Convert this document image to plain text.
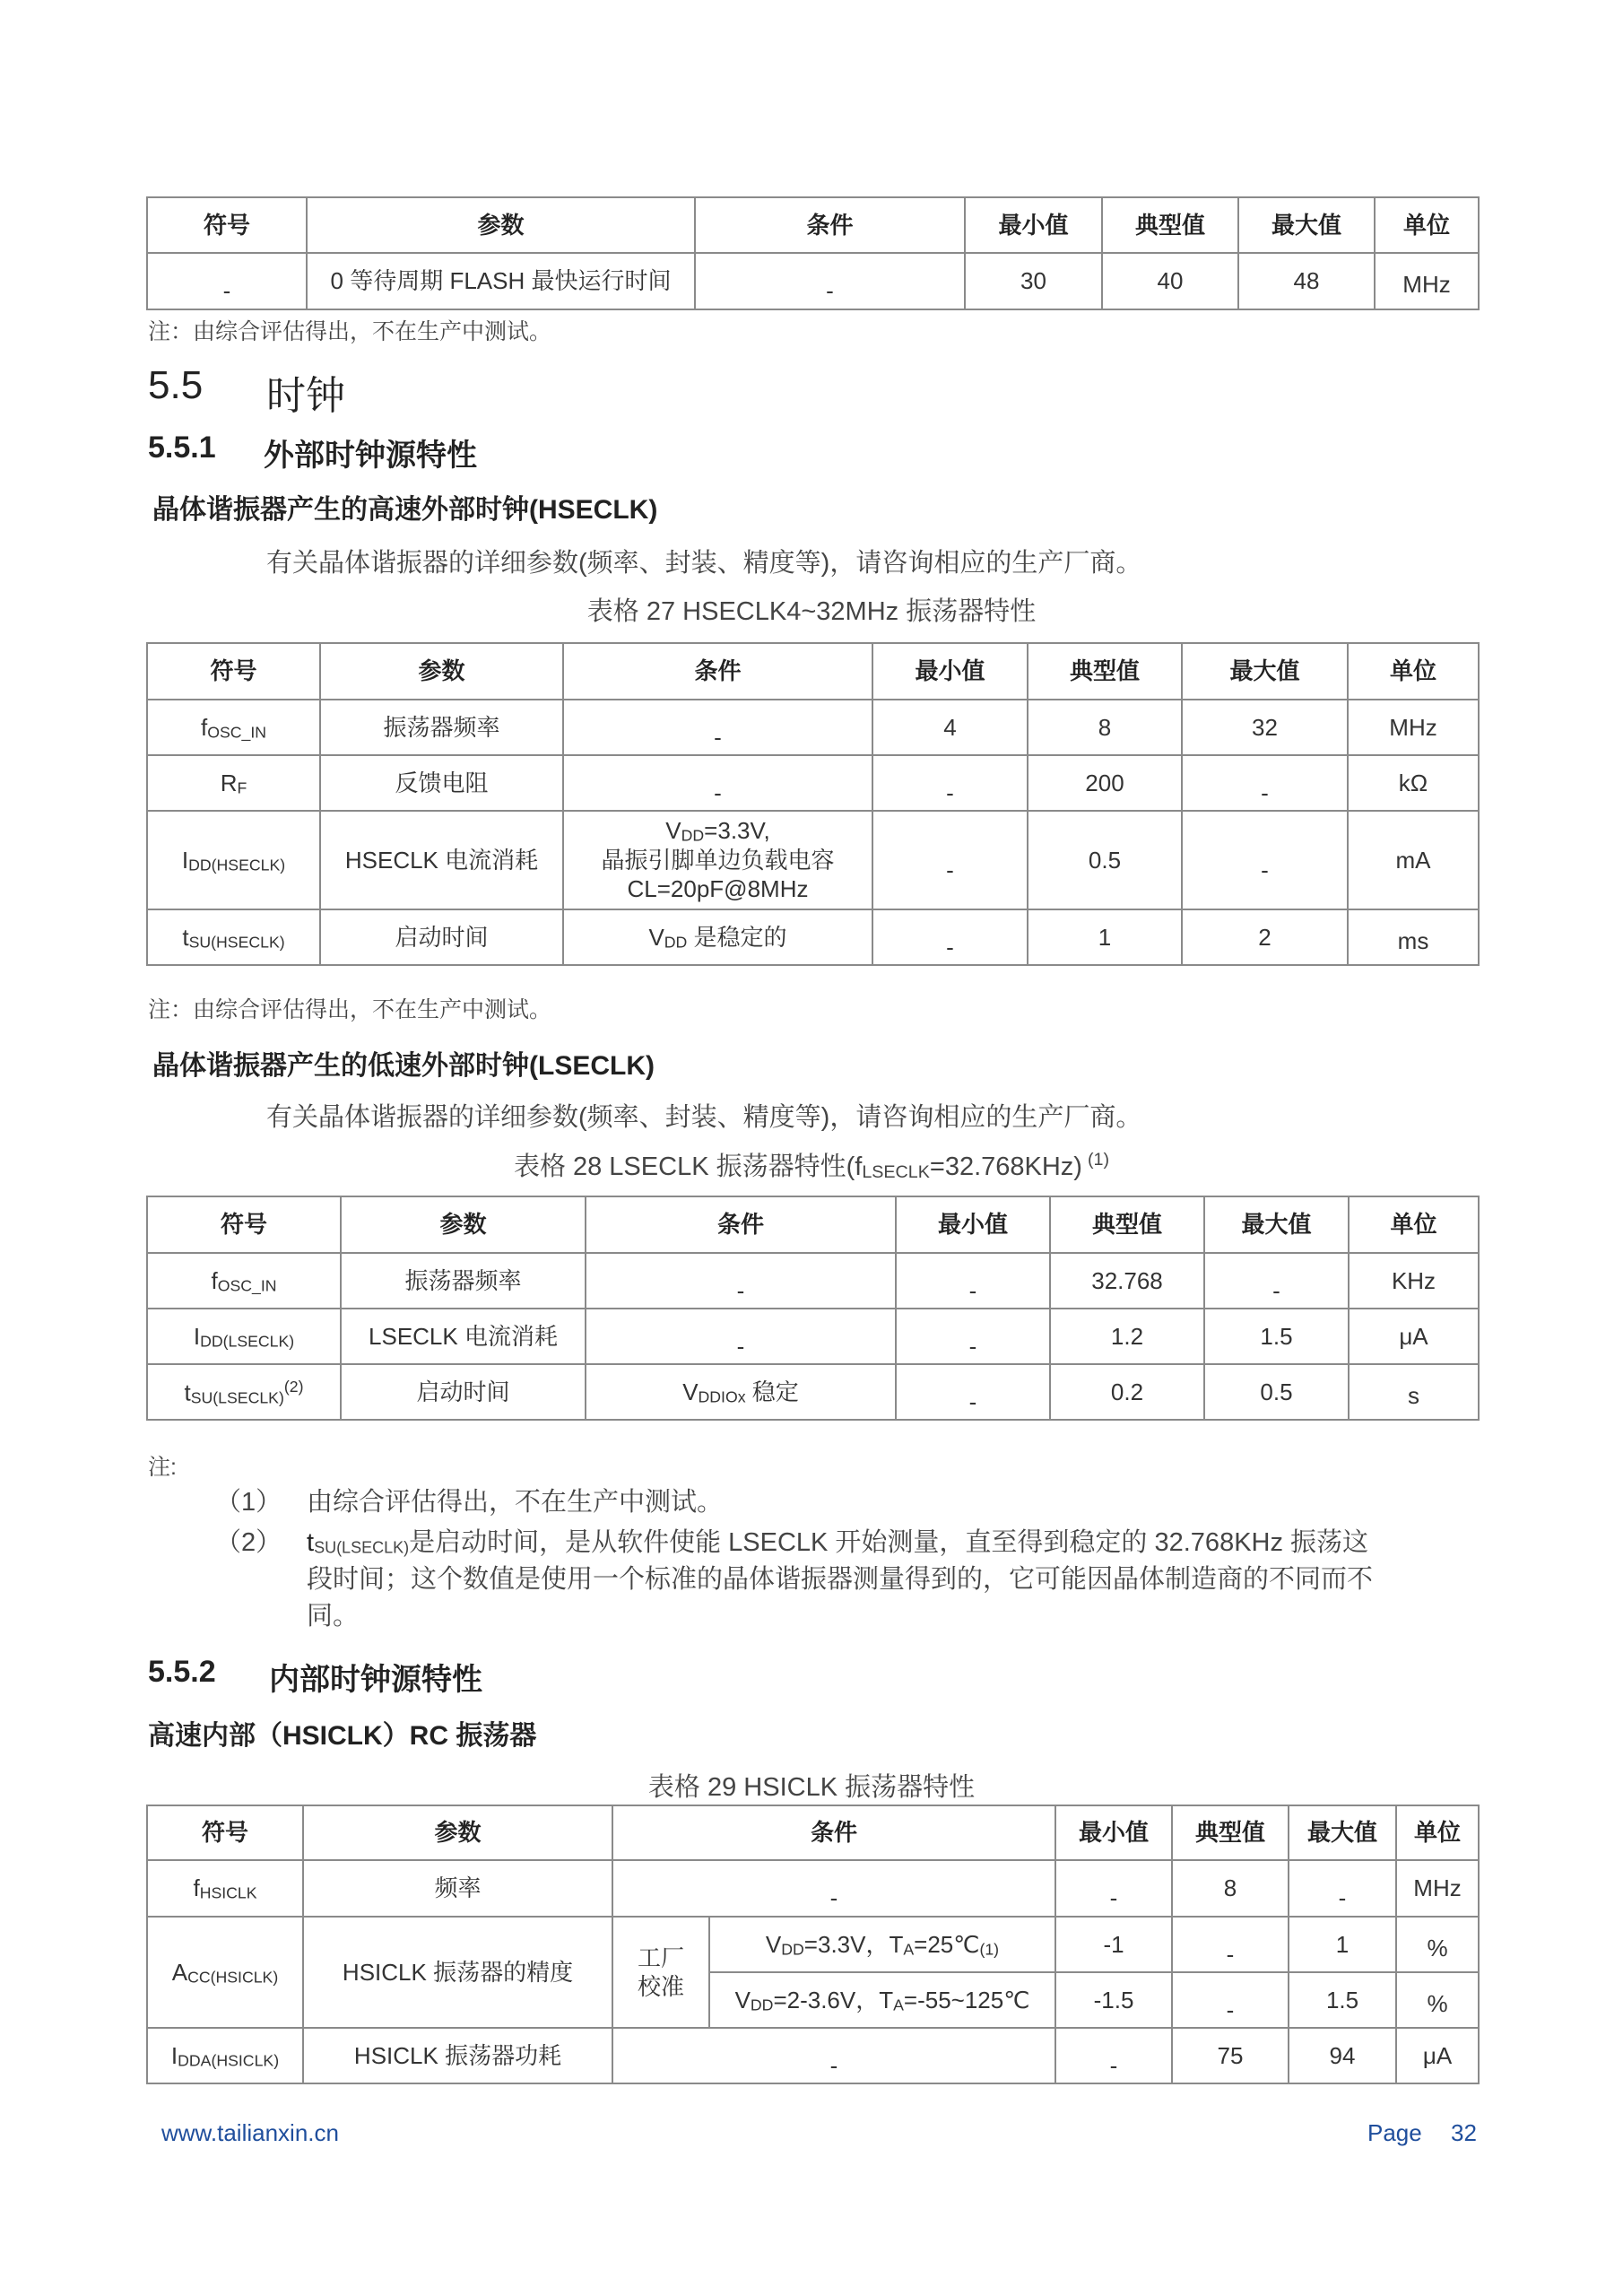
符号	参数	条件	最小值	典型值	最大值	单位
-	0 等待周期 FLASH 最快运行时间	-	30	40	48	MHz
注：由综合评估得出，不在生产中测试。
5.5 时钟
5.5.1 外部时钟源特性
晶体谐振器产生的高速外部时钟(HSECLK)
有关晶体谐振器的详细参数(频率、封装、精度等)，请咨询相应的生产厂商。
表格 27 HSECLK4~32MHz 振荡器特性
符号	参数	条件	最小值	典型值	最大值	单位
fOSC_IN	振荡器频率	-	4	8	32	MHz
RF	反馈电阻	-	-	200	-	kΩ
IDD(HSECLK)	HSECLK 电流消耗	VDD=3.3V,
晶振引脚单边负载电容
CL=20pF@8MHz	-	0.5	-	mA
tSU(HSECLK)	启动时间	VDD 是稳定的	-	1	2	ms
注：由综合评估得出，不在生产中测试。
晶体谐振器产生的低速外部时钟(LSECLK)
有关晶体谐振器的详细参数(频率、封装、精度等)，请咨询相应的生产厂商。
表格 28 LSECLK 振荡器特性(fLSECLK=32.768KHz) $^{(1)}$
符号	参数	条件	最小值	典型值	最大值	单位
fOSC_IN	振荡器频率	-	-	32.768	-	KHz
IDD(LSECLK)	LSECLK 电流消耗	-	-	1.2	1.5	μA
tSU(LSECLK)$^{(2)}$	启动时间	VDDIOx 稳定	-	0.2	0.5	s
注:
（1） 由综合评估得出，不在生产中测试。
（2） tSU(LSECLK)是启动时间，是从软件使能 LSECLK 开始测量，直至得到稳定的 32.768KHz 振荡这
段时间；这个数值是使用一个标准的晶体谐振器测量得到的，它可能因晶体制造商的不同而不
同。
5.5.2 内部时钟源特性
高速内部（HSICLK）RC 振荡器
表格 29 HSICLK 振荡器特性
符号	参数	条件		最小值	典型值	最大值	单位
fHSICLK	频率	-		-	8	-	MHz
ACC(HSICLK)	HSICLK 振荡器的精度	工厂
校准	VDD=3.3V，TA=25℃(1)	-1	-	1	%
			VDD=2-3.6V，TA=-55~125℃	-1.5	-	1.5	%
IDDA(HSICLK)	HSICLK 振荡器功耗	-		-	75	94	μA
www.tailianxin.cn	Page 32
